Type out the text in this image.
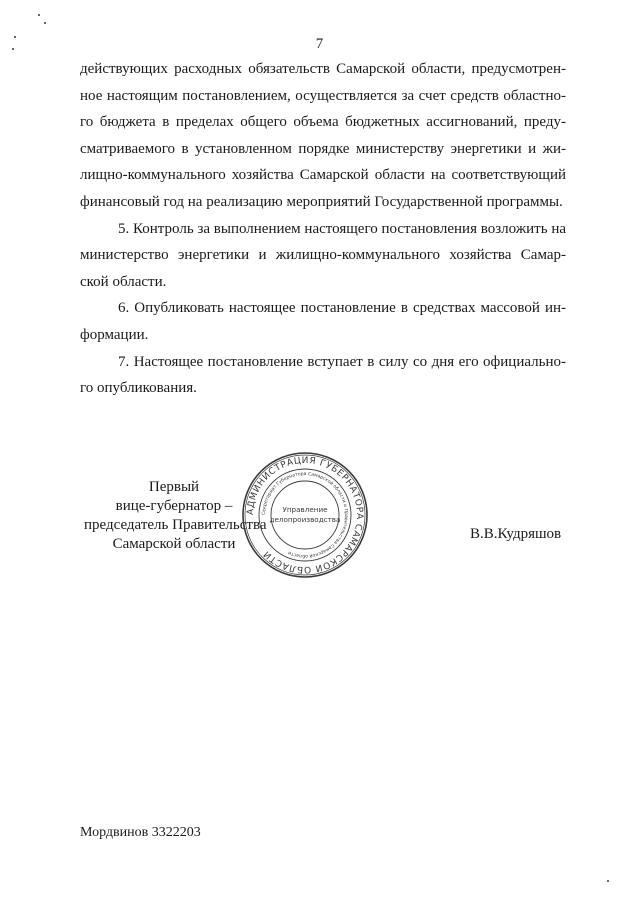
7

действующих расходных обязательств Самарской области, предусмотрен- ное настоящим постановлением, осуществляется за счет средств областно- го бюджета в пределах общего объема бюджетных ассигнований, преду- сматриваемого в установленном порядке министерству энергетики и жи- лищно-коммунального хозяйства Самарской области на соответствующий финансовый год на реализацию мероприятий Государственной программы.

5. Контроль за выполнением настоящего постановления возложить на министерство энергетики и жилищно-коммунального хозяйства Самар- ской области.

6. Опубликовать настоящее постановление в средствах массовой ин- формации.

7. Настоящее постановление вступает в силу со дня его официально- го опубликования.

Первый
вице-губернатор –
председатель Правительства
Самарской области
АДМИНИСТРАЦИЯ ГУБЕРНАТОРА САМАРСКОЙ ОБЛАСТИ
Секретариат Губернатора Самарской области и Правительства Самарской области
Управление
делопроизводства
В.В.Кудряшов
Мордвинов 3322203
